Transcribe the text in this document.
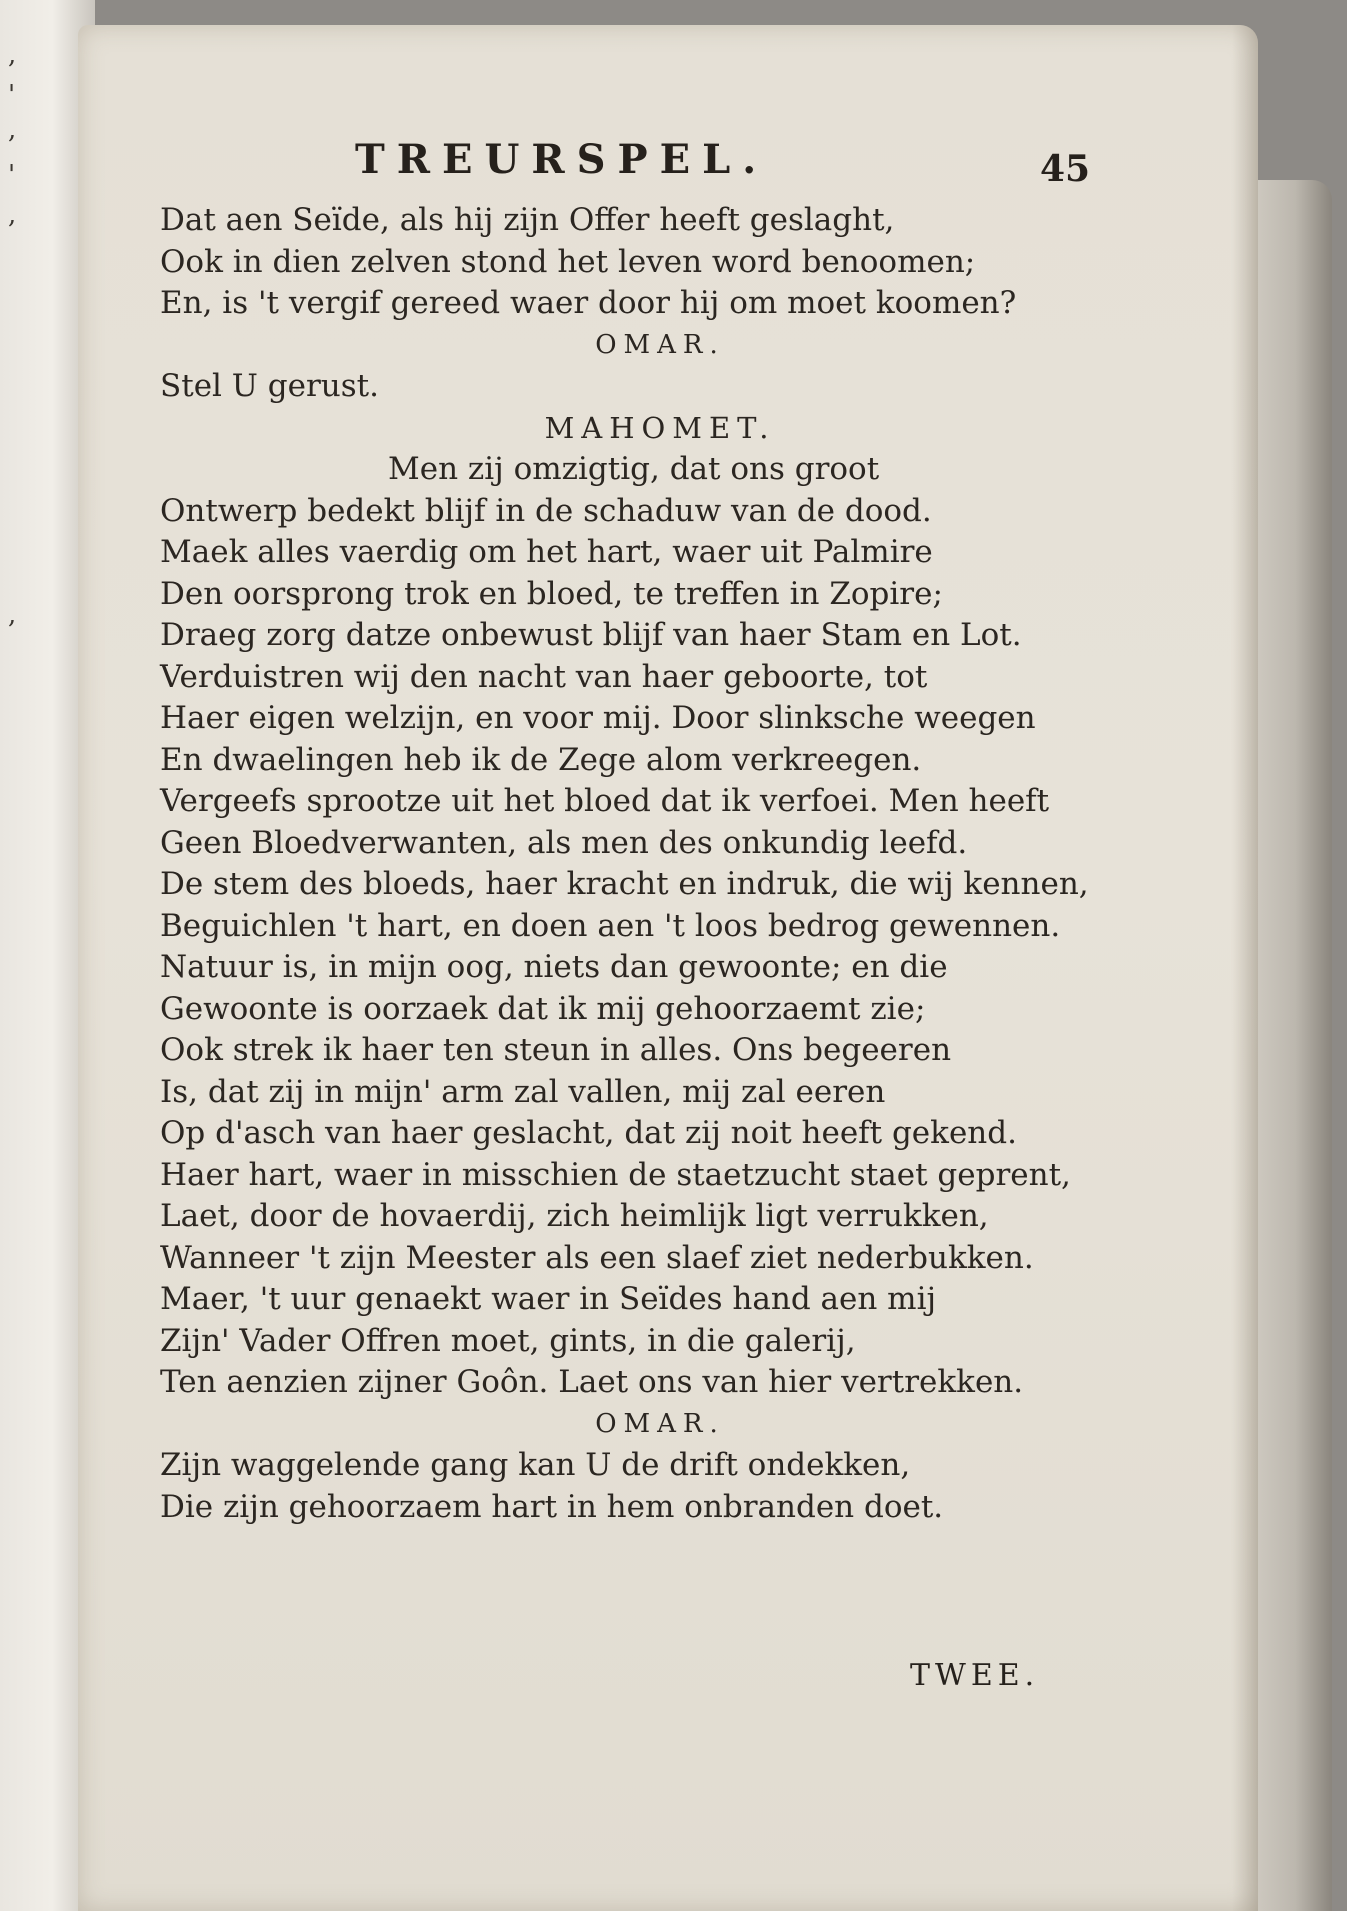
,
'
,
'
,
,
TREURSPEL.	45
Dat aen Seïde, als hij zijn Offer heeft geslaght,
Ook in dien zelven stond het leven word benoomen;
En, is 't vergif gereed waer door hij om moet koomen?
OMAR.
Stel U gerust.
MAHOMET.
Men zij omzigtig, dat ons groot
Ontwerp bedekt blijf in de schaduw van de dood.
Maek alles vaerdig om het hart, waer uit Palmire
Den oorsprong trok en bloed, te treffen in Zopire;
Draeg zorg datze onbewust blijf van haer Stam en Lot.
Verduistren wij den nacht van haer geboorte, tot
Haer eigen welzijn, en voor mij. Door slinksche weegen
En dwaelingen heb ik de Zege alom verkreegen.
Vergeefs sprootze uit het bloed dat ik verfoei. Men heeft
Geen Bloedverwanten, als men des onkundig leefd.
De stem des bloeds, haer kracht en indruk, die wij kennen,
Beguichlen 't hart, en doen aen 't loos bedrog gewennen.
Natuur is, in mijn oog, niets dan gewoonte; en die
Gewoonte is oorzaek dat ik mij gehoorzaemt zie;
Ook strek ik haer ten steun in alles. Ons begeeren
Is, dat zij in mijn' arm zal vallen, mij zal eeren
Op d'asch van haer geslacht, dat zij noit heeft gekend.
Haer hart, waer in misschien de staetzucht staet geprent,
Laet, door de hovaerdij, zich heimlijk ligt verrukken,
Wanneer 't zijn Meester als een slaef ziet nederbukken.
Maer, 't uur genaekt waer in Seïdes hand aen mij
Zijn' Vader Offren moet, gints, in die galerij,
Ten aenzien zijner Goôn. Laet ons van hier vertrekken.
OMAR.
Zijn waggelende gang kan U de drift ondekken,
Die zijn gehoorzaem hart in hem onbranden doet.
TWEE.
